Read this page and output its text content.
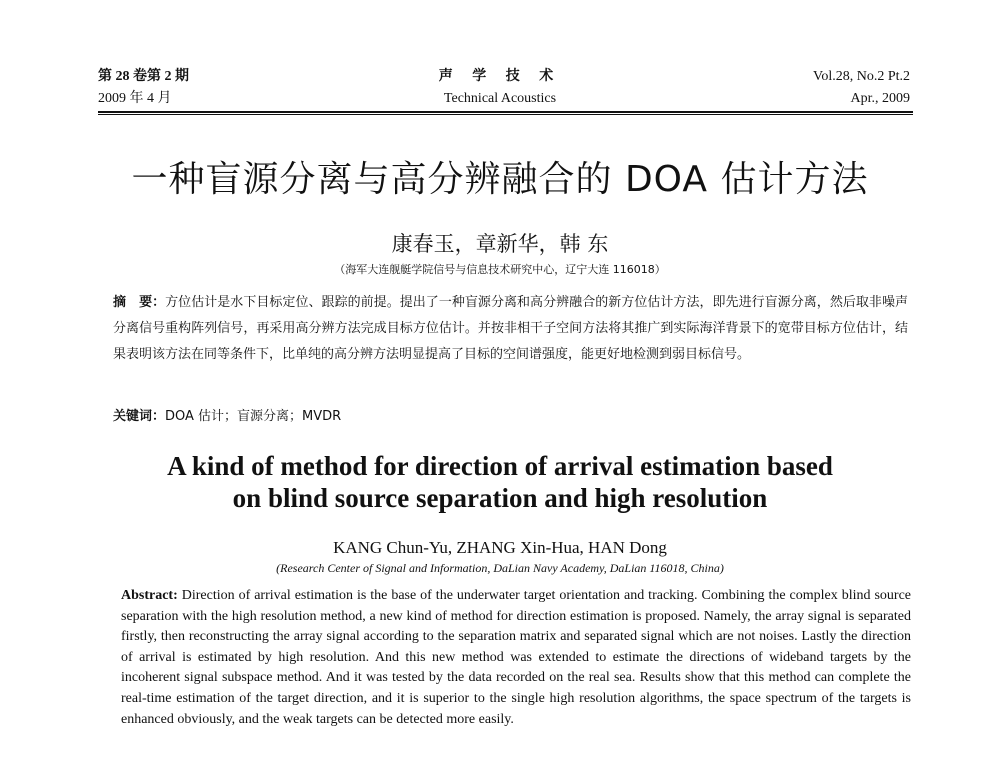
第 28 卷第 2 期
2009 年 4 月
声 学 技 术
Technical Acoustics
Vol.28, No.2 Pt.2
Apr., 2009
一种盲源分离与高分辨融合的 DOA 估计方法
康春玉，章新华，韩 东
（海军大连舰艇学院信号与信息技术研究中心，辽宁大连 116018）
摘　要：方位估计是水下目标定位、跟踪的前提。提出了一种盲源分离和高分辨融合的新方位估计方法，即先进行盲源分离，然后取非噪声分离信号重构阵列信号，再采用高分辨方法完成目标方位估计。并按非相干子空间方法将其推广到实际海洋背景下的宽带目标方位估计，结果表明该方法在同等条件下，比单纯的高分辨方法明显提高了目标的空间谱强度，能更好地检测到弱目标信号。
关键词：DOA 估计；盲源分离；MVDR
A kind of method for direction of arrival estimation based
on blind source separation and high resolution
KANG Chun-Yu, ZHANG Xin-Hua, HAN Dong
(Research Center of Signal and Information, DaLian Navy Academy, DaLian 116018, China)
Abstract: Direction of arrival estimation is the base of the underwater target orientation and tracking. Combining the complex blind source separation with the high resolution method, a new kind of method for direction estimation is proposed. Namely, the array signal is separated firstly, then reconstructing the array signal according to the separation matrix and separated signal which are not noises. Lastly the direction of arrival is estimated by high resolution. And this new method was extended to estimate the directions of wideband targets by the incoherent signal subspace method. And it was tested by the data recorded on the real sea. Results show that this method can complete the real-time estimation of the target direction, and it is superior to the single high resolution algorithms, the space spectrum of the targets is enhanced obviously, and the weak targets can be detected more easily.
